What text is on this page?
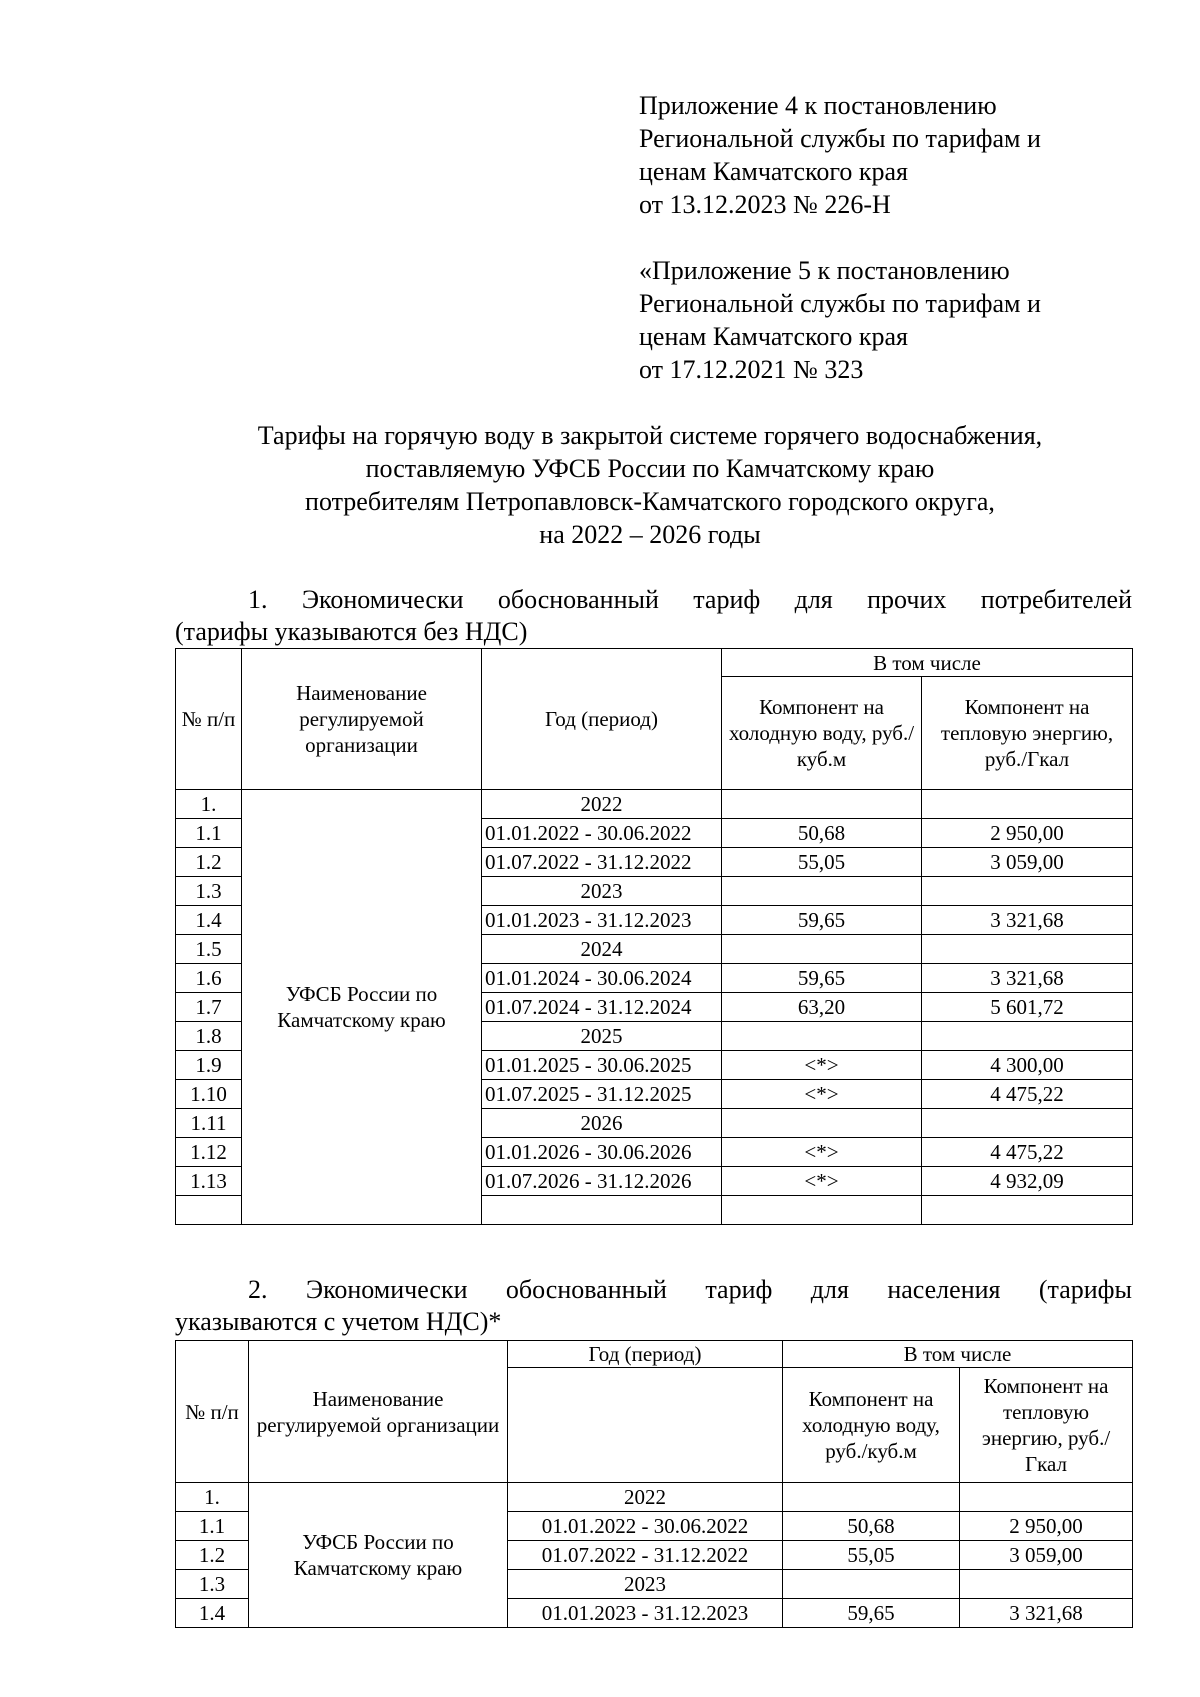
Приложение 4 к постановлению
Региональной службы по тарифам и
ценам Камчатского края
от 13.12.2023 № 226-Н
«Приложение 5 к постановлению
Региональной службы по тарифам и
ценам Камчатского края
от 17.12.2021 № 323
Тарифы на горячую воду в закрытой системе горячего водоснабжения,
поставляемую УФСБ России по Камчатскому краю
потребителям Петропавловск-Камчатского городского округа,
на 2022 – 2026 годы
1. Экономически обоснованный тариф для прочих потребителей
(тарифы указываются без НДС)
№ п/п	Наименование регулируемой организации	Год (период)	В том числе	
			Компонент на холодную воду, руб./куб.м	Компонент на тепловую энергию, руб./Гкал
1.	УФСБ России по Камчатскому краю	2022		
1.1		01.01.2022 - 30.06.2022	50,68	2 950,00
1.2		01.07.2022 - 31.12.2022	55,05	3 059,00
1.3		2023		
1.4		01.01.2023 - 31.12.2023	59,65	3 321,68
1.5		2024		
1.6		01.01.2024 - 30.06.2024	59,65	3 321,68
1.7		01.07.2024 - 31.12.2024	63,20	5 601,72
1.8		2025		
1.9		01.01.2025 - 30.06.2025	<*>	4 300,00
1.10		01.07.2025 - 31.12.2025	<*>	4 475,22
1.11		2026		
1.12		01.01.2026 - 30.06.2026	<*>	4 475,22
1.13		01.07.2026 - 31.12.2026	<*>	4 932,09

2. Экономически обоснованный тариф для населения (тарифы
указываются с учетом НДС)*
№ п/п	Наименование регулируемой организации	Год (период)	В том числе	
			Компонент на холодную воду, руб./куб.м	Компонент на тепловую энергию, руб./Гкал
1.	УФСБ России по Камчатскому краю	2022		
1.1		01.01.2022 - 30.06.2022	50,68	2 950,00
1.2		01.07.2022 - 31.12.2022	55,05	3 059,00
1.3		2023		
1.4		01.01.2023 - 31.12.2023	59,65	3 321,68
